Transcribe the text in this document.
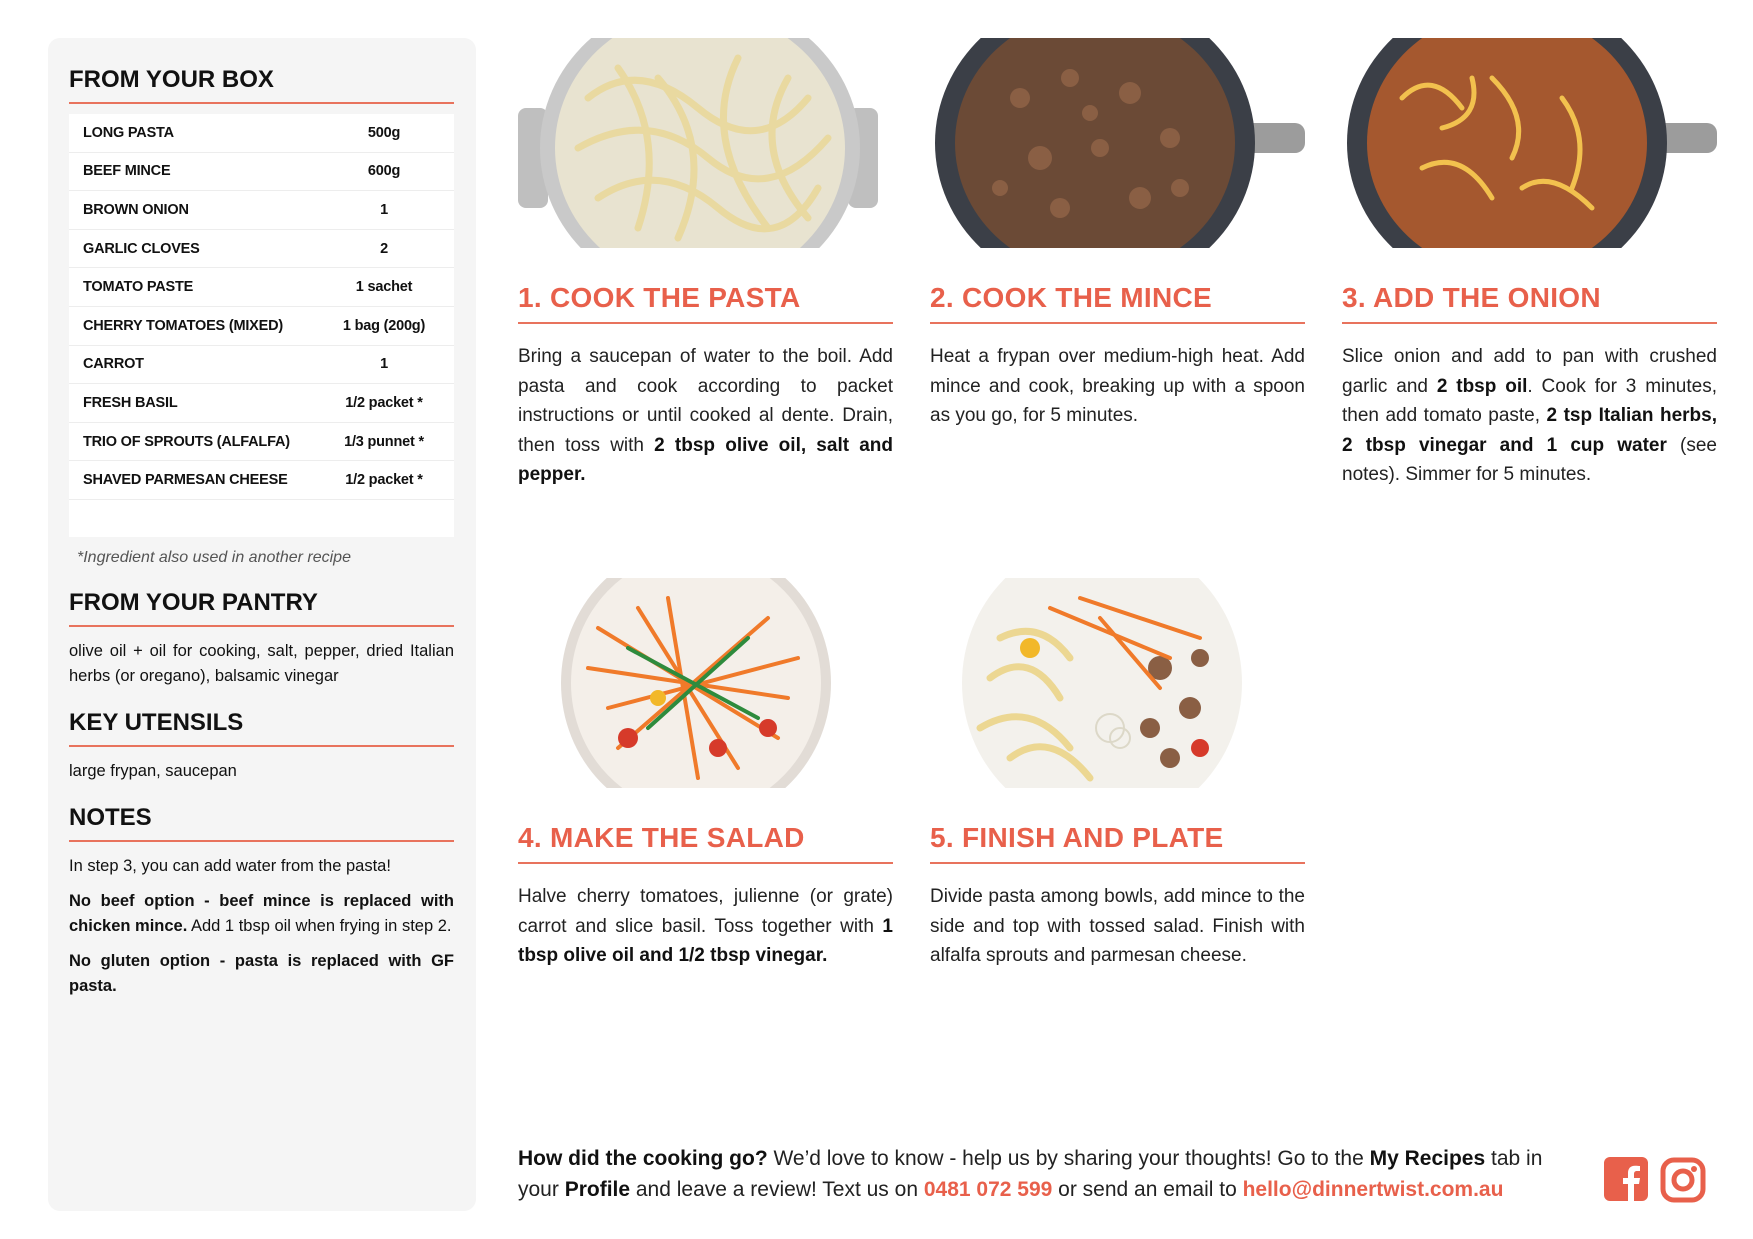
FROM YOUR BOX
LONG PASTA	500g
BEEF MINCE	600g
BROWN ONION	1
GARLIC CLOVES	2
TOMATO PASTE	1 sachet
CHERRY TOMATOES (MIXED)	1 bag (200g)
CARROT	1
FRESH BASIL	1/2 packet *
TRIO OF SPROUTS (ALFALFA)	1/3 punnet *
SHAVED PARMESAN CHEESE	1/2 packet *
*Ingredient also used in another recipe
FROM YOUR PANTRY
olive oil + oil for cooking, salt, pepper, dried Italian herbs (or oregano), balsamic vinegar
KEY UTENSILS
large frypan, saucepan
NOTES

In step 3, you can add water from the pasta!

No beef option - beef mince is replaced with chicken mince. Add 1 tbsp oil when frying in step 2.

No gluten option - pasta is replaced with GF pasta.

1. COOK THE PASTA

Bring a saucepan of water to the boil. Add pasta and cook according to packet instructions or until cooked al dente. Drain, then toss with 2 tbsp olive oil, salt and pepper.

2. COOK THE MINCE

Heat a frypan over medium-high heat. Add mince and cook, breaking up with a spoon as you go, for 5 minutes.

3. ADD THE ONION

Slice onion and add to pan with crushed garlic and 2 tbsp oil. Cook for 3 minutes, then add tomato paste, 2 tsp Italian herbs, 2 tbsp vinegar and 1 cup water (see notes). Simmer for 5 minutes.

4. MAKE THE SALAD

Halve cherry tomatoes, julienne (or grate) carrot and slice basil. Toss together with 1 tbsp olive oil and 1/2 tbsp vinegar.

5. FINISH AND PLATE

Divide pasta among bowls, add mince to the side and top with tossed salad. Finish with alfalfa sprouts and parmesan cheese.

How did the cooking go? We’d love to know - help us by sharing your thoughts! Go to the My Recipes tab in your Profile and leave a review! Text us on 0481 072 599 or send an email to hello@dinnertwist.com.au
